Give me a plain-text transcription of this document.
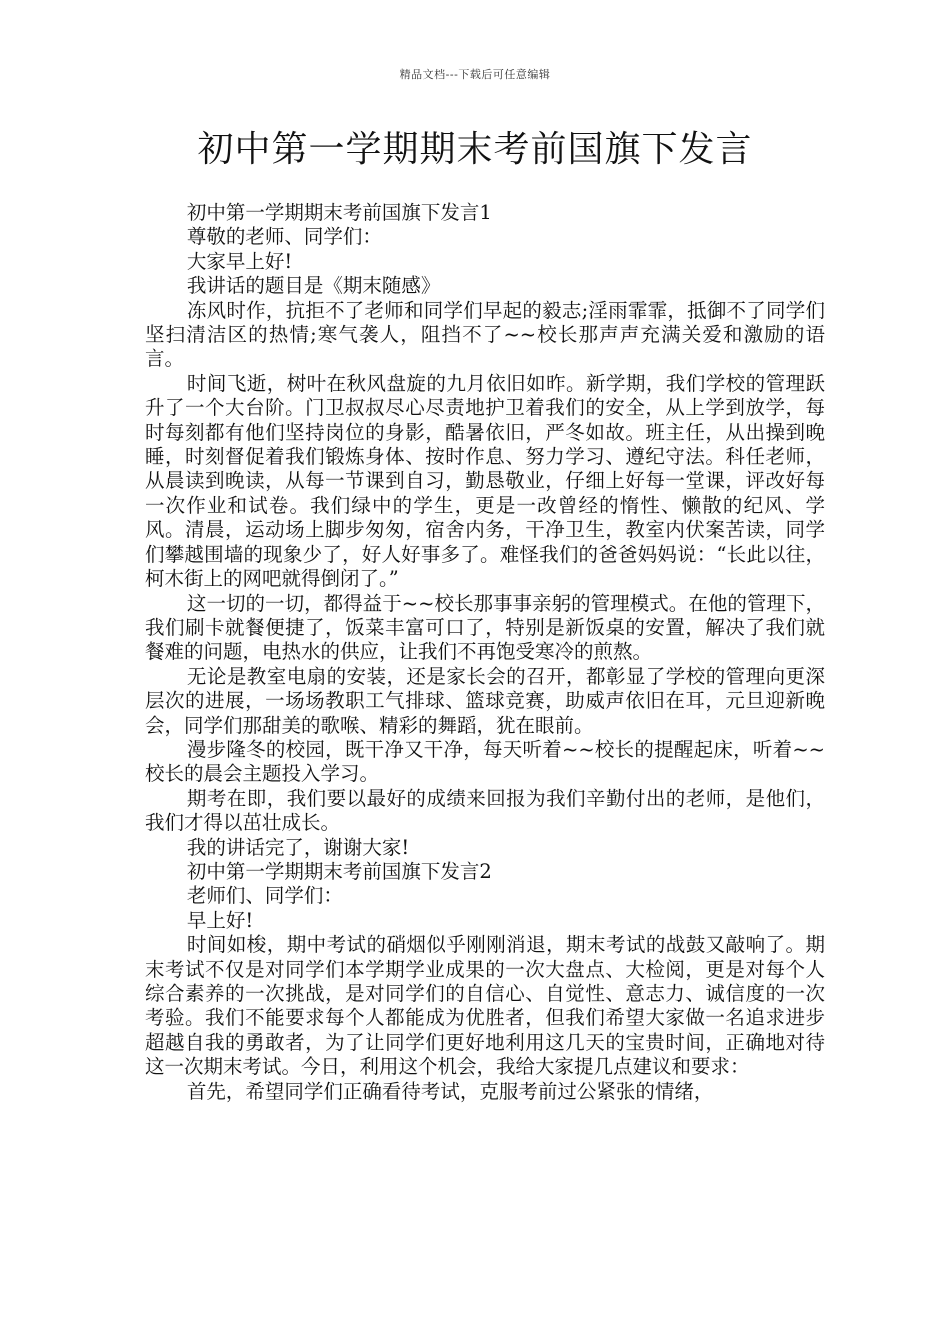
精品文档---下载后可任意编辑
初中第一学期期末考前国旗下发言

初中第一学期期末考前国旗下发言1

尊敬的老师、同学们：

大家早上好!

我讲话的题目是《期末随感》

冻风时作，抗拒不了老师和同学们早起的毅志;淫雨霏霏，抵御不了同学们坚扫清洁区的热情;寒气袭人，阻挡不了~~校长那声声充满关爱和激励的语言。

时间飞逝，树叶在秋风盘旋的九月依旧如昨。新学期，我们学校的管理跃升了一个大台阶。门卫叔叔尽心尽责地护卫着我们的安全，从上学到放学，每时每刻都有他们坚持岗位的身影，酷暑依旧，严冬如故。班主任，从出操到晚睡，时刻督促着我们锻炼身体、按时作息、努力学习、遵纪守法。科任老师，从晨读到晚读，从每一节课到自习，勤恳敬业，仔细上好每一堂课，评改好每一次作业和试卷。我们绿中的学生，更是一改曾经的惰性、懒散的纪风、学风。清晨，运动场上脚步匆匆，宿舍内务，干净卫生，教室内伏案苦读，同学们攀越围墙的现象少了，好人好事多了。难怪我们的爸爸妈妈说：“长此以往，柯木街上的网吧就得倒闭了。”

这一切的一切，都得益于~~校长那事事亲躬的管理模式。在他的管理下，我们刷卡就餐便捷了，饭菜丰富可口了，特别是新饭桌的安置，解决了我们就餐难的问题，电热水的供应，让我们不再饱受寒冷的煎熬。

无论是教室电扇的安装，还是家长会的召开，都彰显了学校的管理向更深层次的进展，一场场教职工气排球、篮球竞赛，助威声依旧在耳，元旦迎新晚会，同学们那甜美的歌喉、精彩的舞蹈，犹在眼前。

漫步隆冬的校园，既干净又干净，每天听着~~校长的提醒起床，听着~~校长的晨会主题投入学习。

期考在即，我们要以最好的成绩来回报为我们辛勤付出的老师，是他们，我们才得以茁壮成长。

我的讲话完了，谢谢大家!

初中第一学期期末考前国旗下发言2

老师们、同学们：

早上好!

时间如梭，期中考试的硝烟似乎刚刚消退，期末考试的战鼓又敲响了。期末考试不仅是对同学们本学期学业成果的一次大盘点、大检阅，更是对每个人综合素养的一次挑战，是对同学们的自信心、自觉性、意志力、诚信度的一次考验。我们不能要求每个人都能成为优胜者，但我们希望大家做一名追求进步超越自我的勇敢者，为了让同学们更好地利用这几天的宝贵时间，正确地对待这一次期末考试。今日，利用这个机会，我给大家提几点建议和要求：

首先，希望同学们正确看待考试，克服考前过公紧张的情绪，
